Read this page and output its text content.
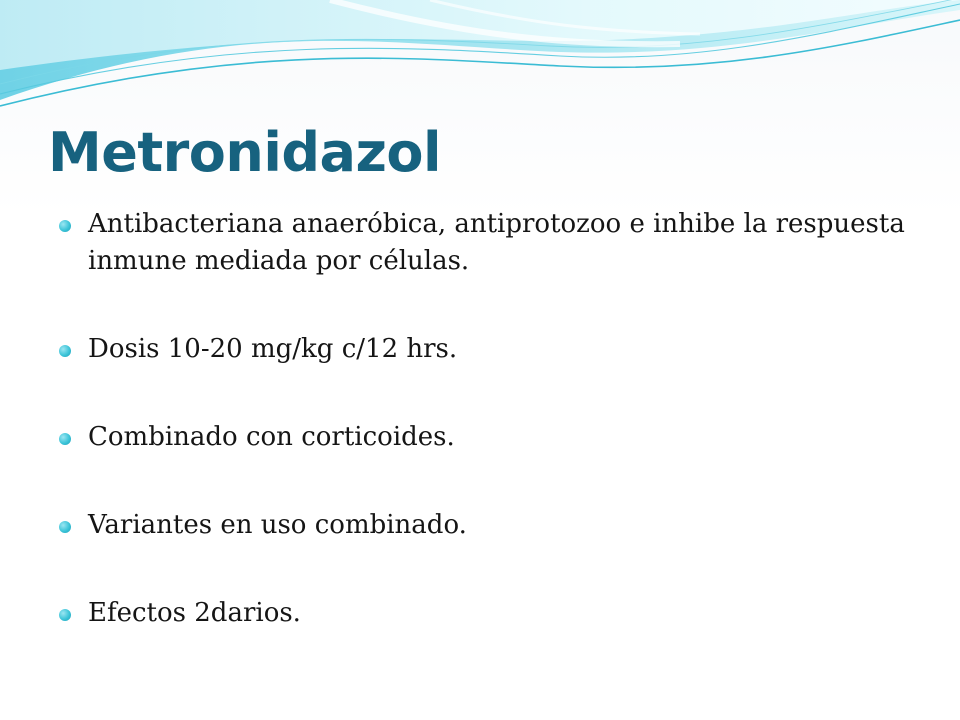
Metronidazol
Antibacteriana anaeróbica, antiprotozoo e inhibe la respuesta inmune mediada por células.
Dosis 10-20 mg/kg c/12 hrs.
Combinado con corticoides.
Variantes en uso combinado.
Efectos 2darios.
